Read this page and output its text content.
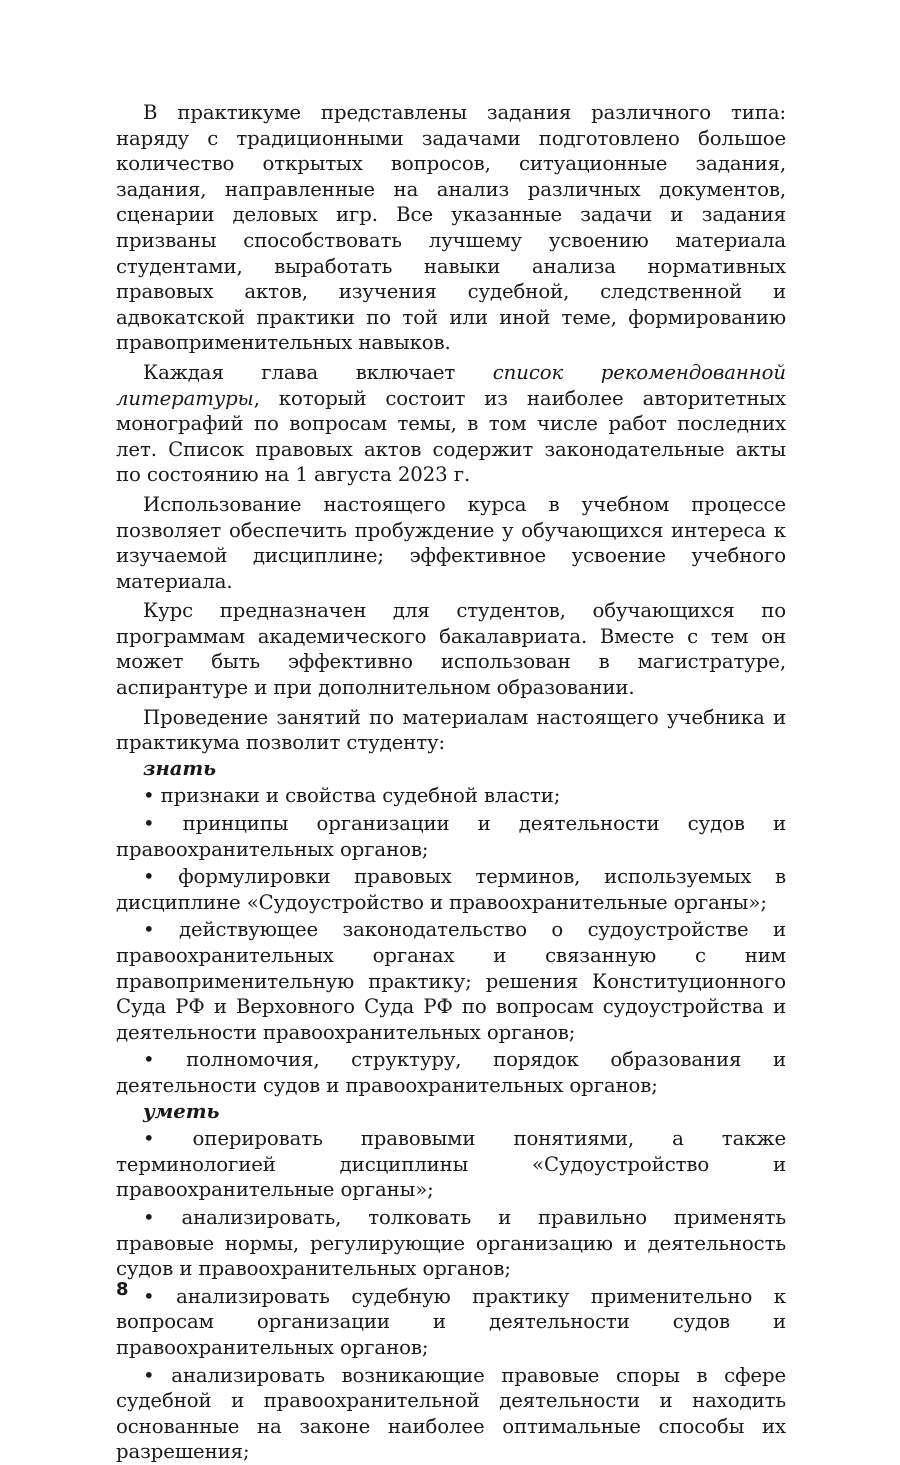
В практикуме представлены задания различного типа: наряду с традиционными задачами подготовлено большое количество открытых вопросов, ситуационные задания, задания, направленные на анализ различных документов, сценарии деловых игр. Все указанные задачи и задания призваны способствовать лучшему усвоению материала студентами, выработать навыки анализа нормативных правовых актов, изучения судебной, следственной и адвокатской практики по той или иной теме, формированию правоприменительных навыков.

Каждая глава включает список рекомендованной литературы, который состоит из наиболее авторитетных монографий по вопросам темы, в том числе работ последних лет. Список правовых актов содержит законодательные акты по состоянию на 1 августа 2023 г.

Использование настоящего курса в учебном процессе позволяет обеспечить пробуждение у обучающихся интереса к изучаемой дисциплине; эффективное усвоение учебного материала.

Курс предназначен для студентов, обучающихся по программам академического бакалавриата. Вместе с тем он может быть эффективно использован в магистратуре, аспирантуре и при дополнительном образовании.

Проведение занятий по материалам настоящего учебника и практикума позволит студенту:

знать

• признаки и свойства судебной власти;

• принципы организации и деятельности судов и правоохранительных органов;

• формулировки правовых терминов, используемых в дисциплине «Судоустройство и правоохранительные органы»;

• действующее законодательство о судоустройстве и правоохранительных органах и связанную с ним правоприменительную практику; решения Конституционного Суда РФ и Верховного Суда РФ по вопросам судоустройства и деятельности правоохранительных органов;

• полномочия, структуру, порядок образования и деятельности судов и правоохранительных органов;

уметь

• оперировать правовыми понятиями, а также терминологией дисциплины «Судоустройство и правоохранительные органы»;

• анализировать, толковать и правильно применять правовые нормы, регулирующие организацию и деятельность судов и правоохранительных органов;

• анализировать судебную практику применительно к вопросам организации и деятельности судов и правоохранительных органов;

• анализировать возникающие правовые споры в сфере судебной и правоохранительной деятельности и находить основанные на законе наиболее оптимальные способы их разрешения;

8
